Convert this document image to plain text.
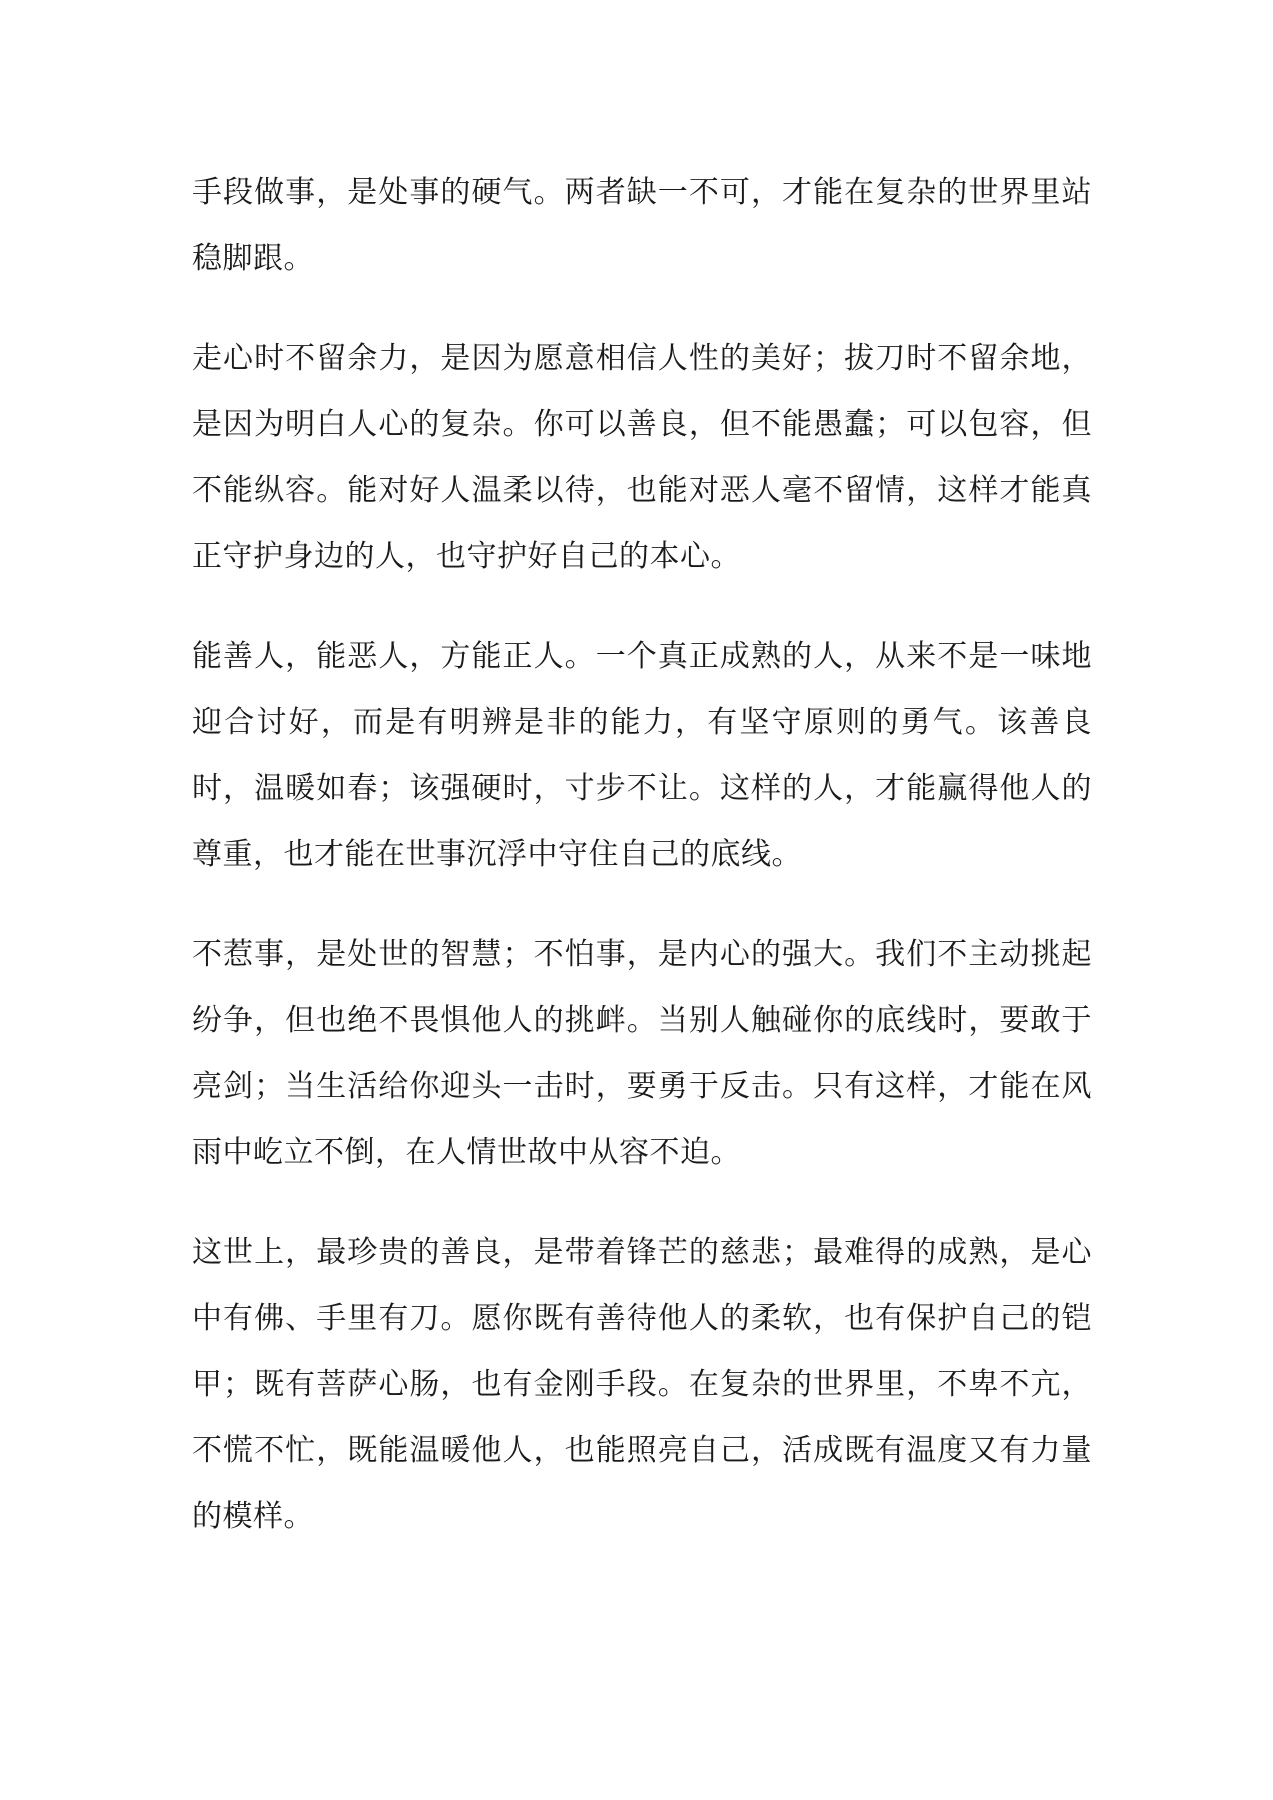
手段做事，是处事的硬气。两者缺一不可，才能在复杂的世界里站稳脚跟。

走心时不留余力，是因为愿意相信人性的美好；拔刀时不留余地，是因为明白人心的复杂。你可以善良，但不能愚蠢；可以包容，但不能纵容。能对好人温柔以待，也能对恶人毫不留情，这样才能真正守护身边的人，也守护好自己的本心。

能善人，能恶人，方能正人。一个真正成熟的人，从来不是一味地迎合讨好，而是有明辨是非的能力，有坚守原则的勇气。该善良时，温暖如春；该强硬时，寸步不让。这样的人，才能赢得他人的尊重，也才能在世事沉浮中守住自己的底线。

不惹事，是处世的智慧；不怕事，是内心的强大。我们不主动挑起纷争，但也绝不畏惧他人的挑衅。当别人触碰你的底线时，要敢于亮剑；当生活给你迎头一击时，要勇于反击。只有这样，才能在风雨中屹立不倒，在人情世故中从容不迫。

这世上，最珍贵的善良，是带着锋芒的慈悲；最难得的成熟，是心中有佛、手里有刀。愿你既有善待他人的柔软，也有保护自己的铠甲；既有菩萨心肠，也有金刚手段。在复杂的世界里，不卑不亢，不慌不忙，既能温暖他人，也能照亮自己，活成既有温度又有力量的模样。
